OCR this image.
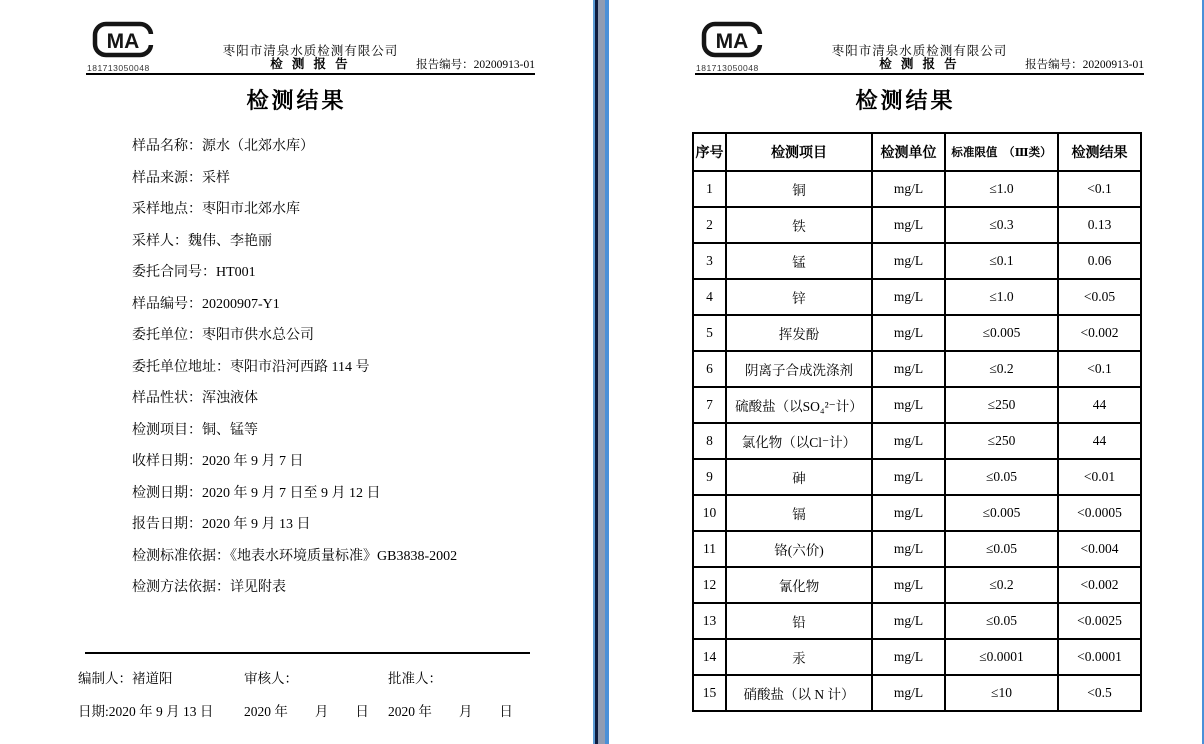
MA	枣阳市清泉水质检测有限公司
181713050048	检 测 报 告	报告编号：20200913-01
检测结果
样品名称：源水（北郊水库）
样品来源：采样
采样地点：枣阳市北郊水库
采样人：魏伟、李艳丽
委托合同号：HT001
样品编号：20200907-Y1
委托单位：枣阳市供水总公司
委托单位地址：枣阳市沿河西路 114 号
样品性状：浑浊液体
检测项目：铜、锰等
收样日期：2020 年 9 月 7 日
检测日期：2020 年 9 月 7 日至 9 月 12 日
报告日期：2020 年 9 月 13 日
检测标准依据：《地表水环境质量标准》GB3838-2002
检测方法依据：详见附表
编制人：褚道阳	审核人：	批准人：
日期:2020 年 9 月 13 日 2020 年　　月　　日 2020 年　　月　　日
MA	枣阳市清泉水质检测有限公司
181713050048	检 测 报 告	报告编号：20200913-01
检测结果
序号	检测项目	检测单位	标准限值　（Ⅲ类）	检测结果
1	铜	mg/L	≤1.0	<0.1
2	铁	mg/L	≤0.3	0.13
3	锰	mg/L	≤0.1	0.06
4	锌	mg/L	≤1.0	<0.05
5	挥发酚	mg/L	≤0.005	<0.002
6	阴离子合成洗涤剂	mg/L	≤0.2	<0.1
7	硫酸盐（以SO₄²⁻计）	mg/L	≤250	44
8	氯化物（以Cl⁻计）	mg/L	≤250	44
9	砷	mg/L	≤0.05	<0.01
10	镉	mg/L	≤0.005	<0.0005
11	铬(六价)	mg/L	≤0.05	<0.004
12	氰化物	mg/L	≤0.2	<0.002
13	铅	mg/L	≤0.05	<0.0025
14	汞	mg/L	≤0.0001	<0.0001
15	硝酸盐（以 N 计）	mg/L	≤10	<0.5
